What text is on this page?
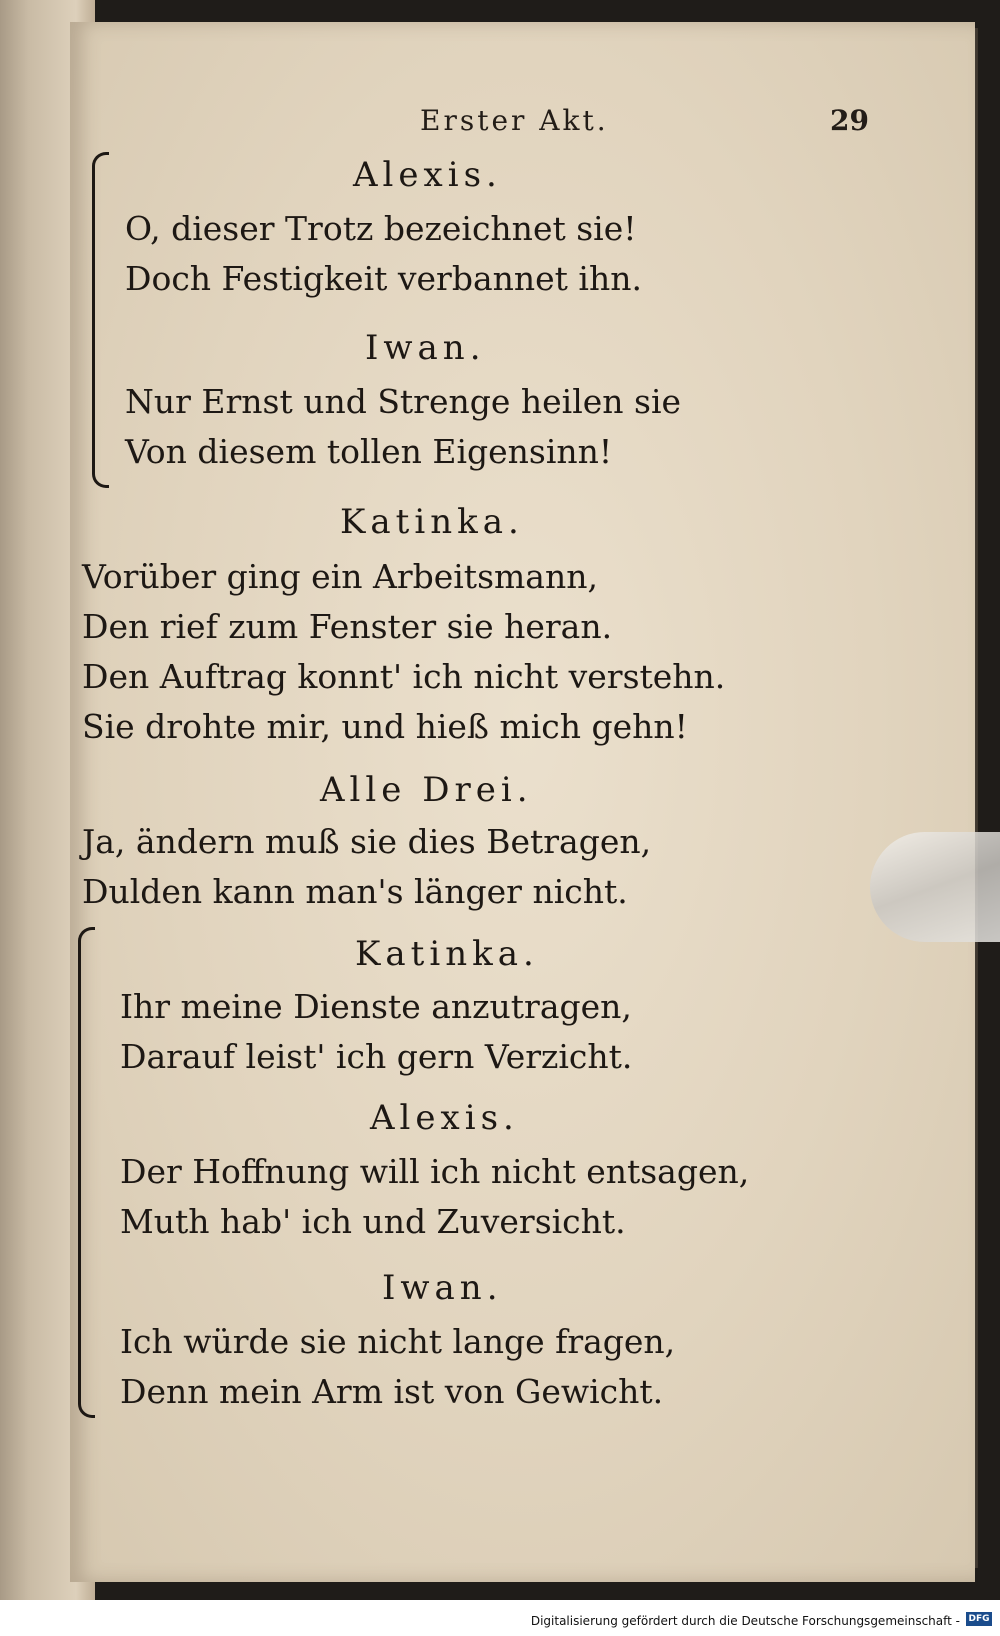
Erster Akt.	29
Alexis.
O, dieser Trotz bezeichnet sie!
Doch Festigkeit verbannet ihn.
Iwan.
Nur Ernst und Strenge heilen sie
Von diesem tollen Eigensinn!
Katinka.
Vorüber ging ein Arbeitsmann,
Den rief zum Fenster sie heran.
Den Auftrag konnt' ich nicht verstehn.
Sie drohte mir, und hieß mich gehn!
Alle Drei.
Ja, ändern muß sie dies Betragen,
Dulden kann man's länger nicht.
Katinka.
Ihr meine Dienste anzutragen,
Darauf leist' ich gern Verzicht.
Alexis.
Der Hoffnung will ich nicht entsagen,
Muth hab' ich und Zuversicht.
Iwan.
Ich würde sie nicht lange fragen,
Denn mein Arm ist von Gewicht.
Digitalisierung gefördert durch die Deutsche Forschungsgemeinschaft - DFG
